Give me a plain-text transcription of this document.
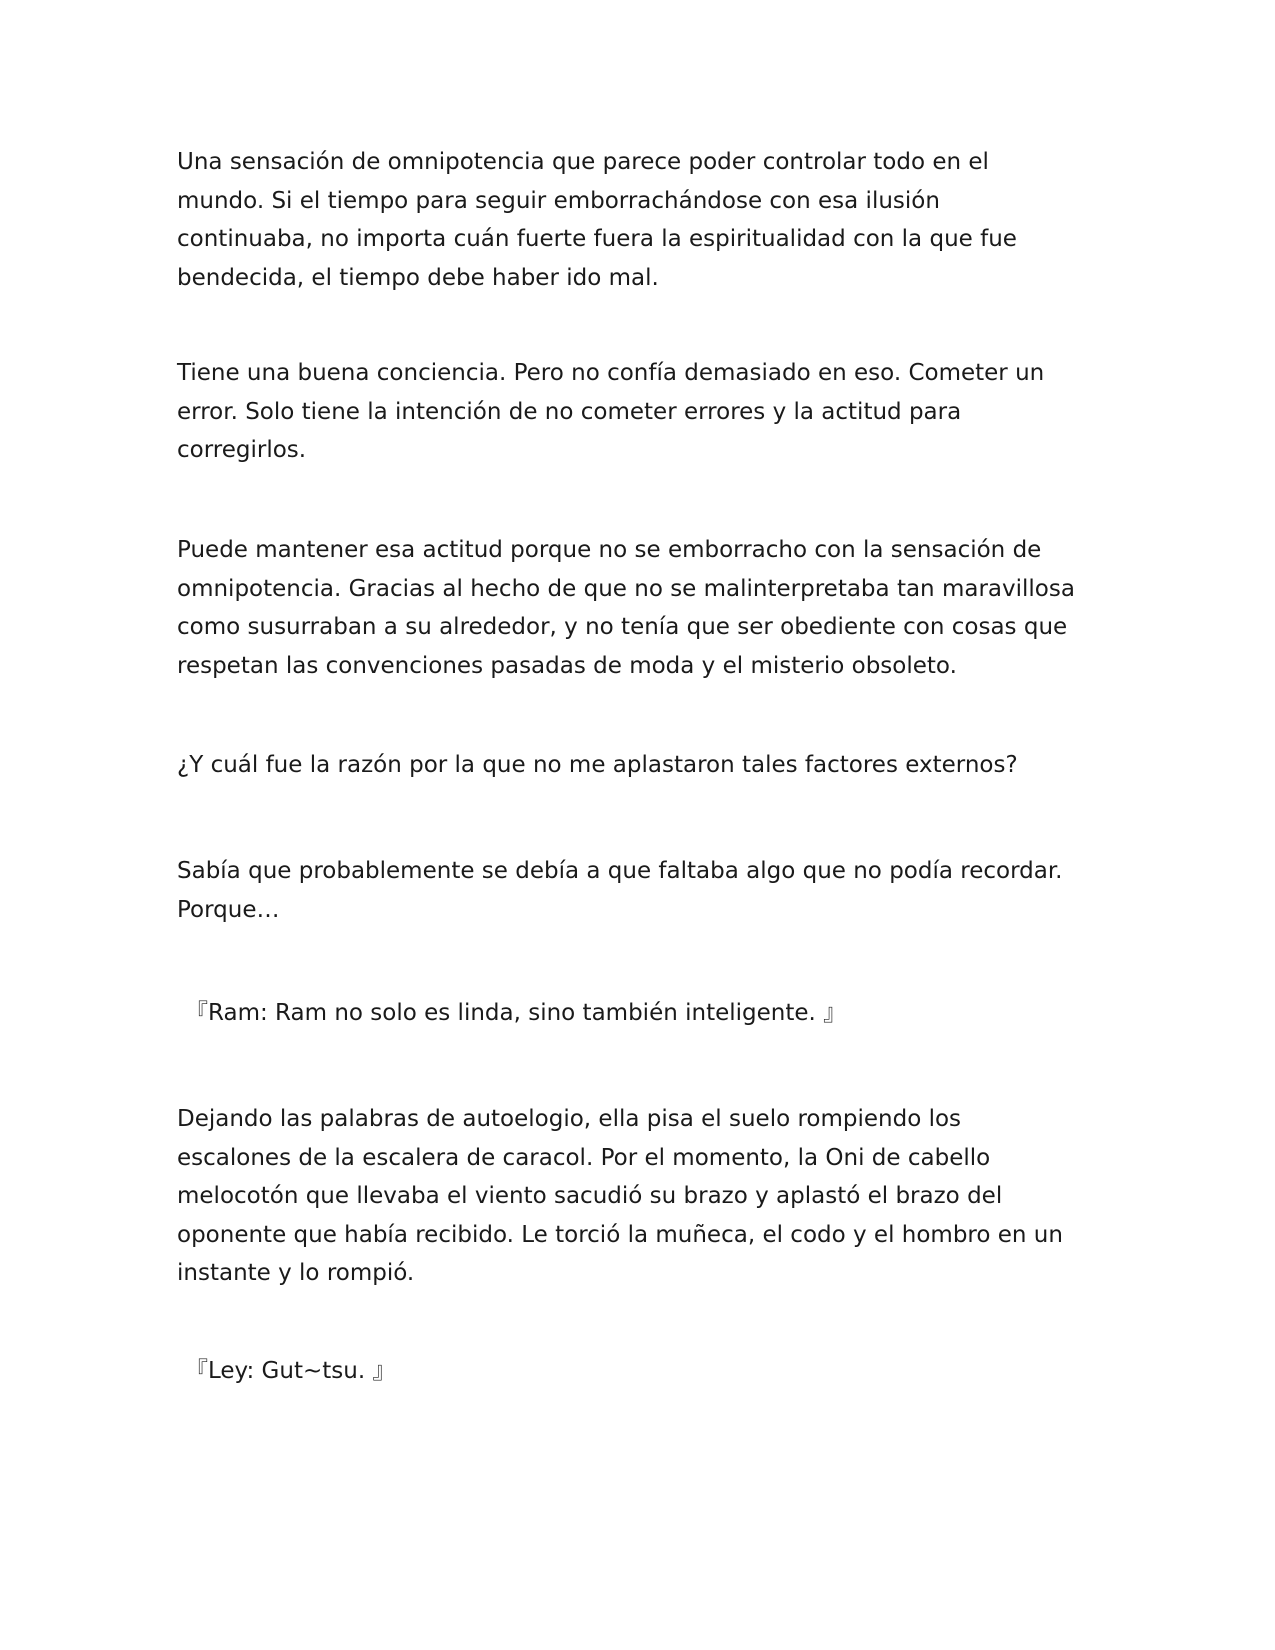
Una sensación de omnipotencia que parece poder controlar todo en el
mundo. Si el tiempo para seguir emborrachándose con esa ilusión
continuaba, no importa cuán fuerte fuera la espiritualidad con la que fue
bendecida, el tiempo debe haber ido mal.

Tiene una buena conciencia. Pero no confía demasiado en eso. Cometer un
error. Solo tiene la intención de no cometer errores y la actitud para
corregirlos.

Puede mantener esa actitud porque no se emborracho con la sensación de
omnipotencia. Gracias al hecho de que no se malinterpretaba tan maravillosa
como susurraban a su alrededor, y no tenía que ser obediente con cosas que
respetan las convenciones pasadas de moda y el misterio obsoleto.

¿Y cuál fue la razón por la que no me aplastaron tales factores externos?

Sabía que probablemente se debía a que faltaba algo que no podía recordar.
Porque…

『Ram: Ram no solo es linda, sino también inteligente. 』

Dejando las palabras de autoelogio, ella pisa el suelo rompiendo los
escalones de la escalera de caracol. Por el momento, la Oni de cabello
melocotón que llevaba el viento sacudió su brazo y aplastó el brazo del
oponente que había recibido. Le torció la muñeca, el codo y el hombro en un
instante y lo rompió.

『Ley: Gut~tsu. 』
